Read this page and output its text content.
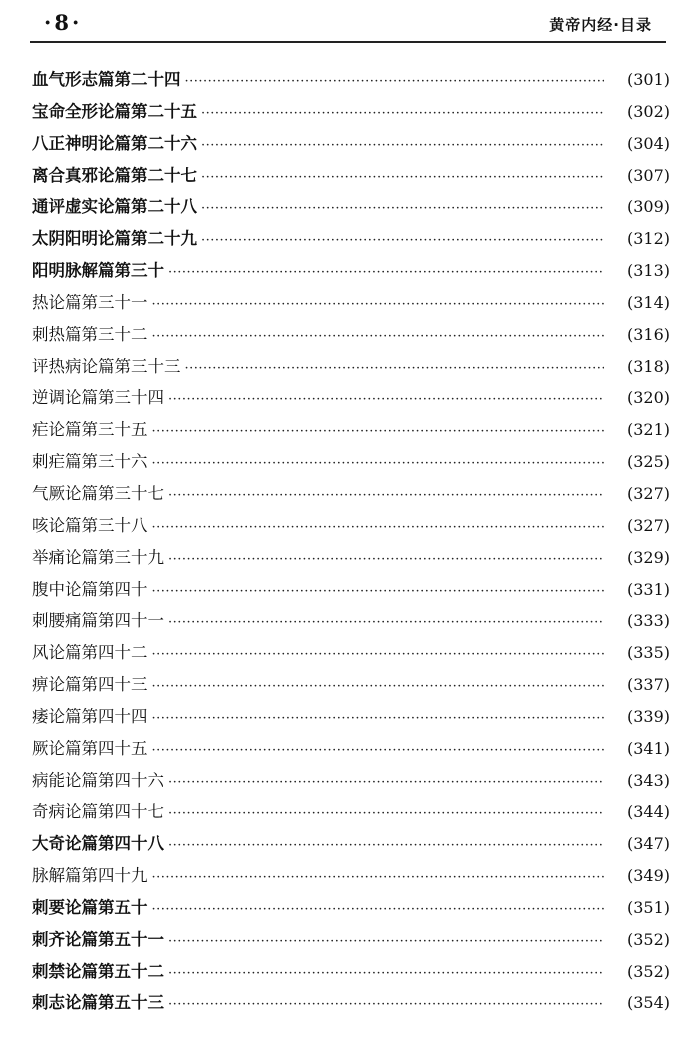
· 8 ·	黄帝内经·目录
血气形志篇第二十四 ·····	(301)
宝命全形论篇第二十五 ·····	(302)
八正神明论篇第二十六 ·····	(304)
离合真邪论篇第二十七 ·····	(307)
通评虚实论篇第二十八 ·····	(309)
太阴阳明论篇第二十九 ·····	(312)
阳明脉解篇第三十 ·····	(313)
热论篇第三十一 ·····	(314)
刺热篇第三十二 ·····	(316)
评热病论篇第三十三 ·····	(318)
逆调论篇第三十四 ·····	(320)
疟论篇第三十五 ·····	(321)
刺疟篇第三十六 ·····	(325)
气厥论篇第三十七 ·····	(327)
咳论篇第三十八 ·····	(327)
举痛论篇第三十九 ·····	(329)
腹中论篇第四十 ·····	(331)
刺腰痛篇第四十一 ·····	(333)
风论篇第四十二 ·····	(335)
痹论篇第四十三 ·····	(337)
痿论篇第四十四 ·····	(339)
厥论篇第四十五 ·····	(341)
病能论篇第四十六 ·····	(343)
奇病论篇第四十七 ·····	(344)
大奇论篇第四十八 ·····	(347)
脉解篇第四十九 ·····	(349)
刺要论篇第五十 ·····	(351)
刺齐论篇第五十一 ·····	(352)
刺禁论篇第五十二 ·····	(352)
刺志论篇第五十三 ·····	(354)
